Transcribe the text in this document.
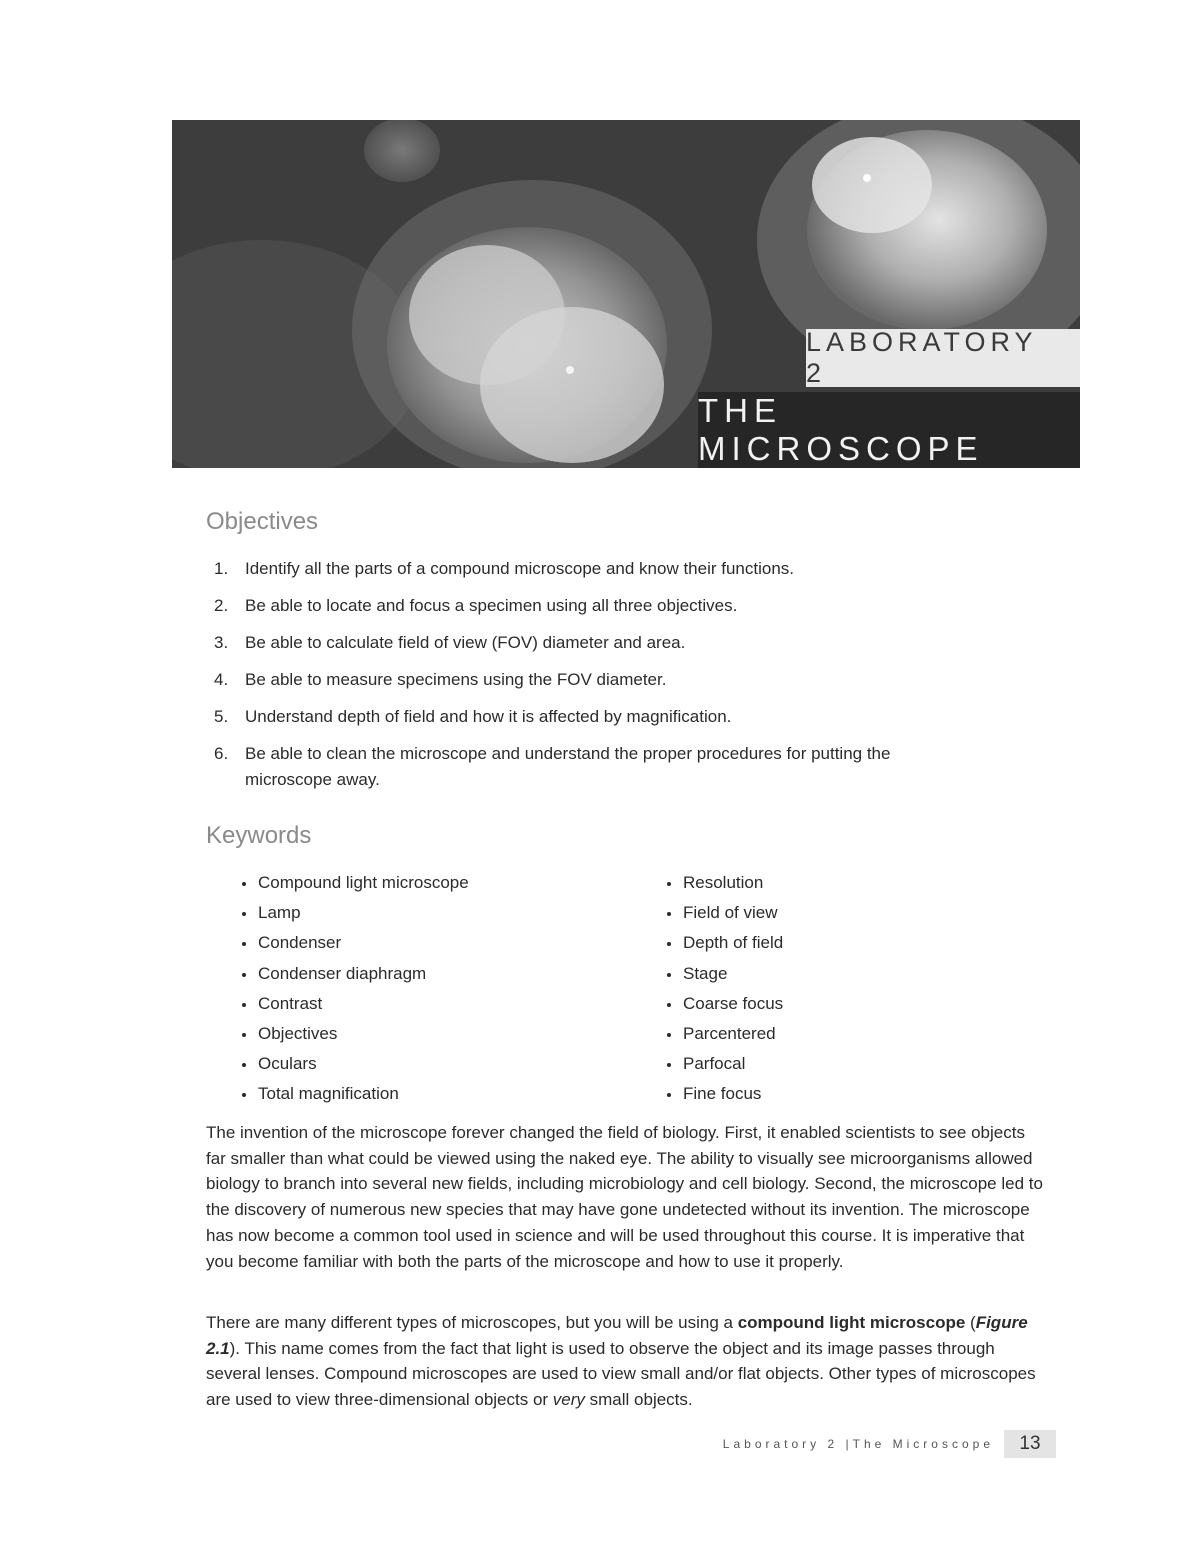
LABORATORY 2
THE MICROSCOPE
Objectives
1. Identify all the parts of a compound microscope and know their functions.
2. Be able to locate and focus a specimen using all three objectives.
3. Be able to calculate field of view (FOV) diameter and area.
4. Be able to measure specimens using the FOV diameter.
5. Understand depth of field and how it is affected by magnification.
6. Be able to clean the microscope and understand the proper procedures for putting the microscope away.
Keywords
Compound light microscope
Lamp
Condenser
Condenser diaphragm
Contrast
Objectives
Oculars
Total magnification
Resolution
Field of view
Depth of field
Stage
Coarse focus
Parcentered
Parfocal
Fine focus

The invention of the microscope forever changed the field of biology. First, it enabled scientists to see objects far smaller than what could be viewed using the naked eye. The ability to visually see microorganisms allowed biology to branch into several new fields, including microbiology and cell biology. Second, the microscope led to the discovery of numerous new species that may have gone undetected without its invention. The microscope has now become a common tool used in science and will be used throughout this course. It is imperative that you become familiar with both the parts of the microscope and how to use it properly.

There are many different types of microscopes, but you will be using a compound light microscope (Figure 2.1). This name comes from the fact that light is used to observe the object and its image passes through several lenses. Compound microscopes are used to view small and/or flat objects. Other types of microscopes are used to view three-dimensional objects or very small objects.

Laboratory 2 |The Microscope	13
